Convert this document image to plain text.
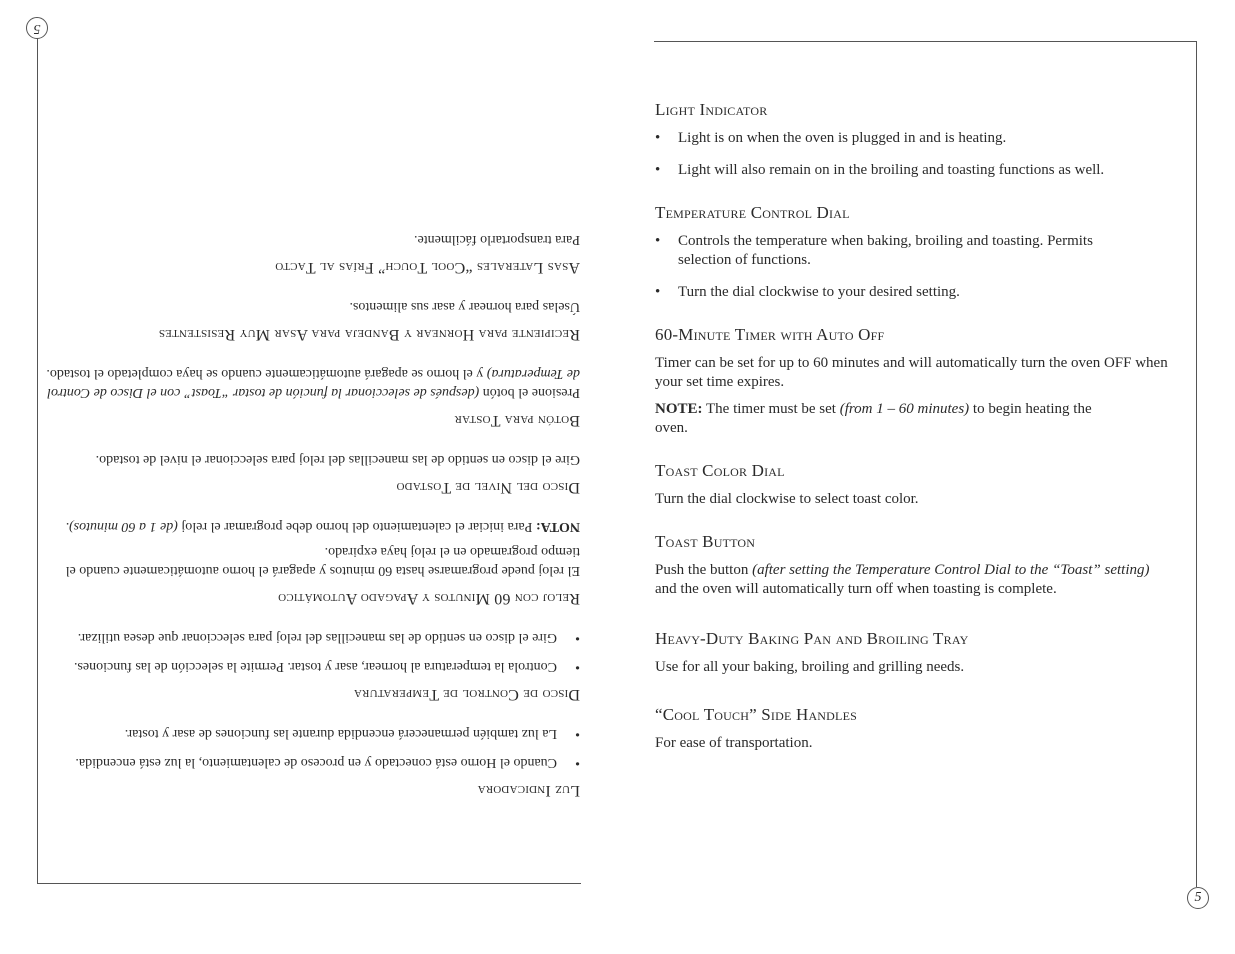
5
5
Light Indicator
• Light is on when the oven is plugged in and is heating.
• Light will also remain on in the broiling and toasting functions as well.
Temperature Control Dial
• Controls the temperature when baking, broiling and toasting. Permits selection of functions.
• Turn the dial clockwise to your desired setting.
60-Minute Timer with Auto Off
Timer can be set for up to 60 minutes and will automatically turn the oven OFF when your set time expires.
NOTE: The timer must be set (from 1 – 60 minutes) to begin heating the oven.
Toast Color Dial
Turn the dial clockwise to select toast color.
Toast Button
Push the button (after setting the Temperature Control Dial to the “Toast” setting) and the oven will automatically turn off when toasting is complete.
Heavy-Duty Baking Pan and Broiling Tray
Use for all your baking, broiling and grilling needs.
“Cool Touch” Side Handles
For ease of transportation.
Luz Indicadora
• Cuando el Horno está conectado y en proceso de calentamiento, la luz está encendida.
• La luz también permanecerá encendida durante las funciones de asar y tostar.
Disco de Control de Temperatura
• Controla la temperatura al hornear, asar y tostar. Permite la selección de las funciones.
• Gire el disco en sentido de las manecillas del reloj para seleccionar que desea utilizar.
Reloj con 60 Minutos y Apagado Automático
El reloj puede programarse hasta 60 minutos y apagará el horno automáticamente cuando el tiempo programado en el reloj haya expirado.
NOTA: Para iniciar el calentamiento del horno debe programar el reloj (de 1 a 60 minutos).
Disco del Nivel de Tostado
Gire el disco en sentido de las manecillas del reloj para seleccionar el nivel de tostado.
Botón para Tostar
Presione el botón (después de seleccionar la función de tostar “Toast” con el Disco de Control de Temperatura) y el horno se apagará automáticamente cuando se haya completado el tostado.
Recipiente para Hornear y Bandeja para Asar Muy Resistentes
Úselas para hornear y asar sus alimentos.
Asas Laterales “Cool Touch” Frías al Tacto
Para transportarlo fácilmente.
